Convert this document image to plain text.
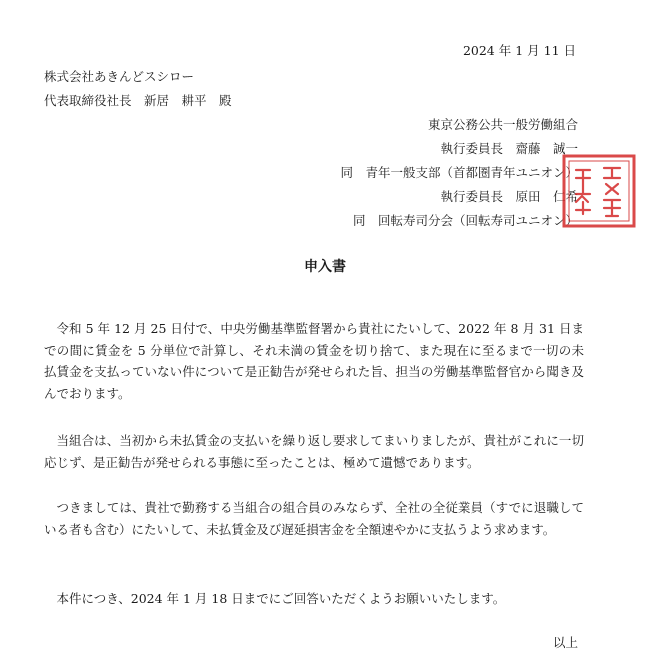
2024 年 1 月 11 日
株式会社あきんどスシロー
代表取締役社長　新居　耕平　殿
東京公務公共一般労働組合
執行委員長　齋藤　誠一
同　青年一般支部（首都圏青年ユニオン）
執行委員長　原田　仁希
同　回転寿司分会（回転寿司ユニオン）
申入書
令和 5 年 12 月 25 日付で、中央労働基準監督署から貴社にたいして、2022 年 8 月 31 日までの間に賃金を 5 分単位で計算し、それ未満の賃金を切り捨て、また現在に至るまで一切の未払賃金を支払っていない件について是正勧告が発せられた旨、担当の労働基準監督官から聞き及んでおります。
当組合は、当初から未払賃金の支払いを繰り返し要求してまいりましたが、貴社がこれに一切応じず、是正勧告が発せられる事態に至ったことは、極めて遺憾であります。
つきましては、貴社で勤務する当組合の組合員のみならず、全社の全従業員（すでに退職している者も含む）にたいして、未払賃金及び遅延損害金を全額速やかに支払うよう求めます。
本件につき、2024 年 1 月 18 日までにご回答いただくようお願いいたします。
以上
